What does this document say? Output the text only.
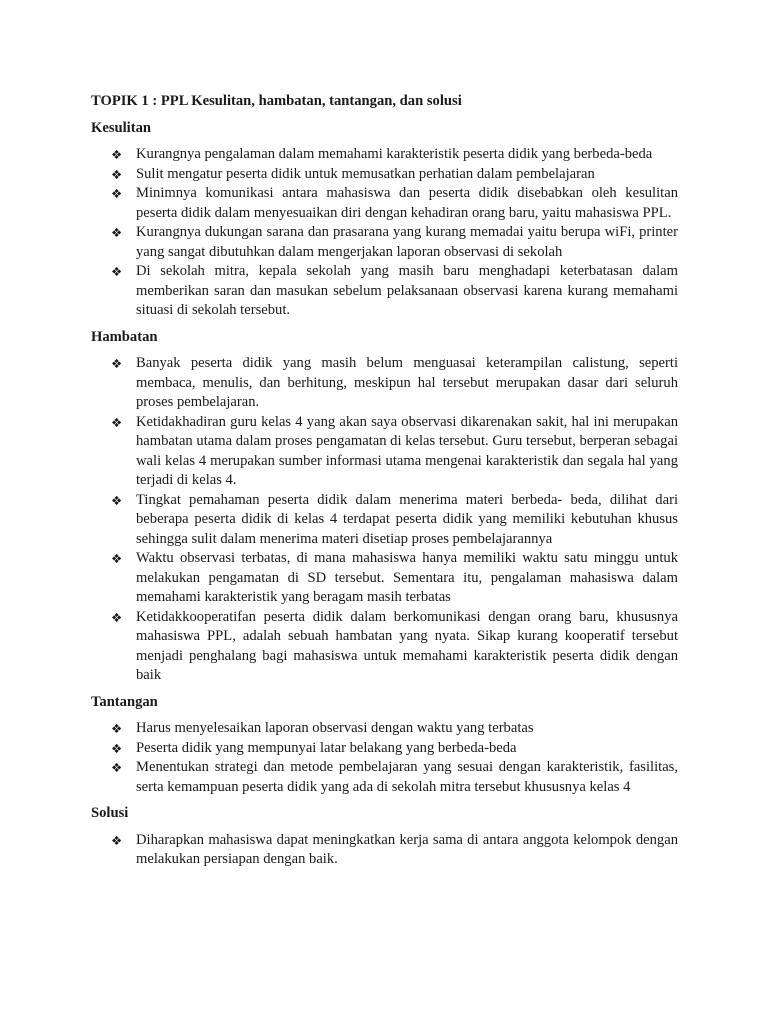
TOPIK 1 : PPL Kesulitan, hambatan, tantangan, dan solusi
Kesulitan
❖ Kurangnya pengalaman dalam memahami karakteristik peserta didik yang berbeda-beda
❖ Sulit mengatur peserta didik untuk memusatkan perhatian dalam pembelajaran
❖ Minimnya komunikasi antara mahasiswa dan peserta didik disebabkan oleh kesulitan peserta didik dalam menyesuaikan diri dengan kehadiran orang baru, yaitu mahasiswa PPL.
❖ Kurangnya dukungan sarana dan prasarana yang kurang memadai yaitu berupa wiFi, printer yang sangat dibutuhkan dalam mengerjakan laporan observasi di sekolah
❖ Di sekolah mitra, kepala sekolah yang masih baru menghadapi keterbatasan dalam memberikan saran dan masukan sebelum pelaksanaan observasi karena kurang memahami situasi di sekolah tersebut.
Hambatan
❖ Banyak peserta didik yang masih belum menguasai keterampilan calistung, seperti membaca, menulis, dan berhitung, meskipun hal tersebut merupakan dasar dari seluruh proses pembelajaran.
❖ Ketidakhadiran guru kelas 4 yang akan saya observasi dikarenakan sakit, hal ini merupakan hambatan utama dalam proses pengamatan di kelas tersebut. Guru tersebut, berperan sebagai wali kelas 4 merupakan sumber informasi utama mengenai karakteristik dan segala hal yang terjadi di kelas 4.
❖ Tingkat pemahaman peserta didik dalam menerima materi berbeda- beda, dilihat dari beberapa peserta didik di kelas 4 terdapat peserta didik yang memiliki kebutuhan khusus sehingga sulit dalam menerima materi disetiap proses pembelajarannya
❖ Waktu observasi terbatas, di mana mahasiswa hanya memiliki waktu satu minggu untuk melakukan pengamatan di SD tersebut. Sementara itu, pengalaman mahasiswa dalam memahami karakteristik yang beragam masih terbatas
❖ Ketidakkooperatifan peserta didik dalam berkomunikasi dengan orang baru, khususnya mahasiswa PPL, adalah sebuah hambatan yang nyata. Sikap kurang kooperatif tersebut menjadi penghalang bagi mahasiswa untuk memahami karakteristik peserta didik dengan baik
Tantangan
❖ Harus menyelesaikan laporan observasi dengan waktu yang terbatas
❖ Peserta didik yang mempunyai latar belakang yang berbeda-beda
❖ Menentukan strategi dan metode pembelajaran yang sesuai dengan karakteristik, fasilitas, serta kemampuan peserta didik yang ada di sekolah mitra tersebut khususnya kelas 4
Solusi
❖ Diharapkan mahasiswa dapat meningkatkan kerja sama di antara anggota kelompok dengan melakukan persiapan dengan baik.
